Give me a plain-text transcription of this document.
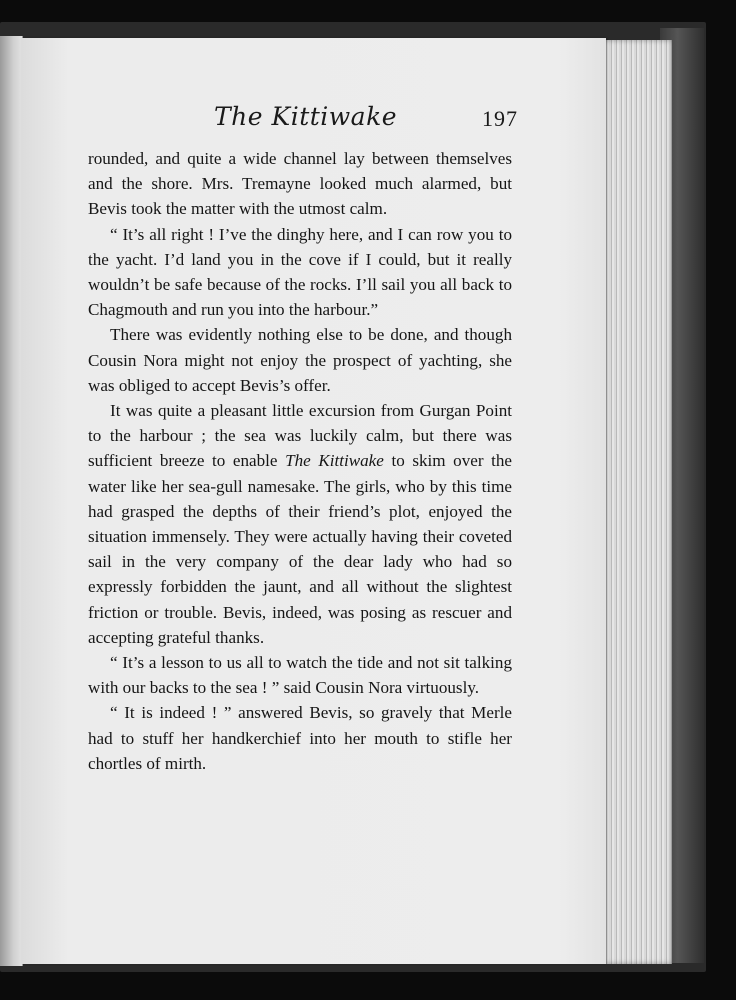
The Kittiwake	197

rounded, and quite a wide channel lay between themselves and the shore. Mrs. Tremayne looked much alarmed, but Bevis took the matter with the utmost calm.

“ It’s all right ! I’ve the dinghy here, and I can row you to the yacht. I’d land you in the cove if I could, but it really wouldn’t be safe because of the rocks. I’ll sail you all back to Chagmouth and run you into the harbour.”

There was evidently nothing else to be done, and though Cousin Nora might not enjoy the prospect of yachting, she was obliged to accept Bevis’s offer.

It was quite a pleasant little excursion from Gurgan Point to the harbour ; the sea was luckily calm, but there was sufficient breeze to enable The Kittiwake to skim over the water like her sea-gull namesake. The girls, who by this time had grasped the depths of their friend’s plot, enjoyed the situation immensely. They were actually having their coveted sail in the very company of the dear lady who had so expressly forbidden the jaunt, and all without the slightest friction or trouble. Bevis, indeed, was posing as rescuer and accepting grateful thanks.

“ It’s a lesson to us all to watch the tide and not sit talking with our backs to the sea ! ” said Cousin Nora virtuously.

“ It is indeed ! ” answered Bevis, so gravely that Merle had to stuff her handkerchief into her mouth to stifle her chortles of mirth.
